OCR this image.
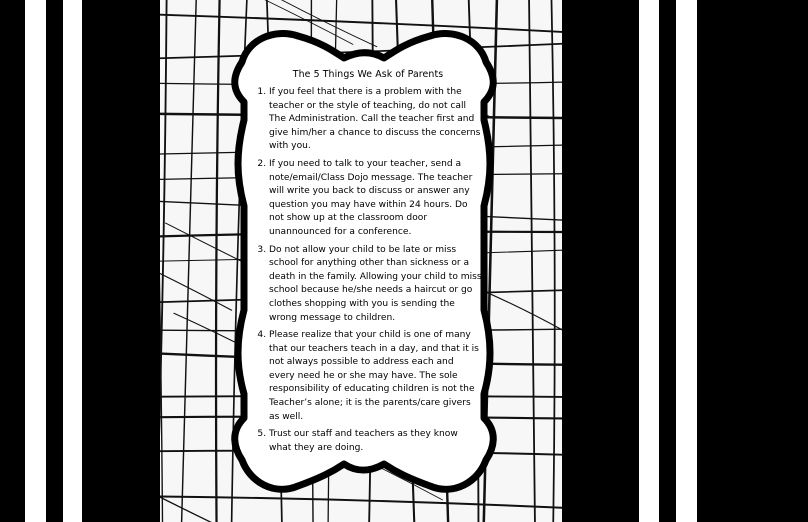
The 5 Things We Ask of Parents
1. If you feel that there is a problem with the teacher or the style of teaching, do not call The Administration. Call the teacher first and give him/her a chance to discuss the concerns with you.
2. If you need to talk to your teacher, send a note/email/Class Dojo message. The teacher will write you back to discuss or answer any question you may have within 24 hours. Do not show up at the classroom door unannounced for a conference.
3. Do not allow your child to be late or miss school for anything other than sickness or a death in the family. Allowing your child to miss school because he/she needs a haircut or go clothes shopping with you is sending the wrong message to children.
4. Please realize that your child is one of many that our teachers teach in a day, and that it is not always possible to address each and every need he or she may have. The sole responsibility of educating children is not the Teacher’s alone; it is the parents/care givers as well.
5. Trust our staff and teachers as they know what they are doing.
